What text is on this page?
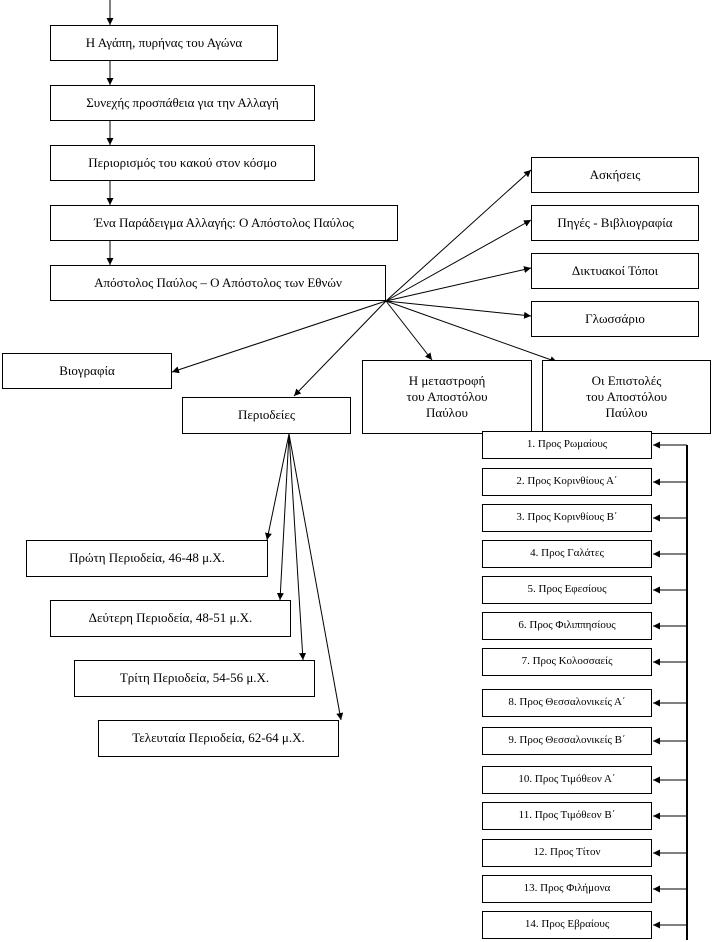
Η Αγάπη, πυρήνας του Αγώνα
Συνεχής προσπάθεια για την Αλλαγή
Περιορισμός του κακού στον κόσμο
Ένα Παράδειγμα Αλλαγής: Ο Απόστολος Παύλος
Απόστολος Παύλος – Ο Απόστολος των Εθνών
Ασκήσεις
Πηγές - Βιβλιογραφία
Δικτυακοί Τόποι
Γλωσσάριο
Βιογραφία
Περιοδείες
Η μεταστροφή
του Αποστόλου
Παύλου
Οι Επιστολές
του Αποστόλου
Παύλου
Πρώτη Περιοδεία, 46-48 μ.Χ.
Δεύτερη Περιοδεία, 48-51 μ.Χ.
Τρίτη Περιοδεία, 54-56 μ.Χ.
Τελευταία Περιοδεία, 62-64 μ.Χ.
1. Προς Ρωμαίους
2. Προς Κορινθίους Α΄
3. Προς Κορινθίους Β΄
4. Προς Γαλάτες
5. Προς Εφεσίους
6. Προς Φιλιππησίους
7. Προς Κολοσσαείς
8. Προς Θεσσαλονικείς Α΄
9. Προς Θεσσαλονικείς Β΄
10. Προς Τιμόθεον Α΄
11. Προς Τιμόθεον Β΄
12. Προς Τίτον
13. Προς Φιλήμονα
14. Προς Εβραίους
